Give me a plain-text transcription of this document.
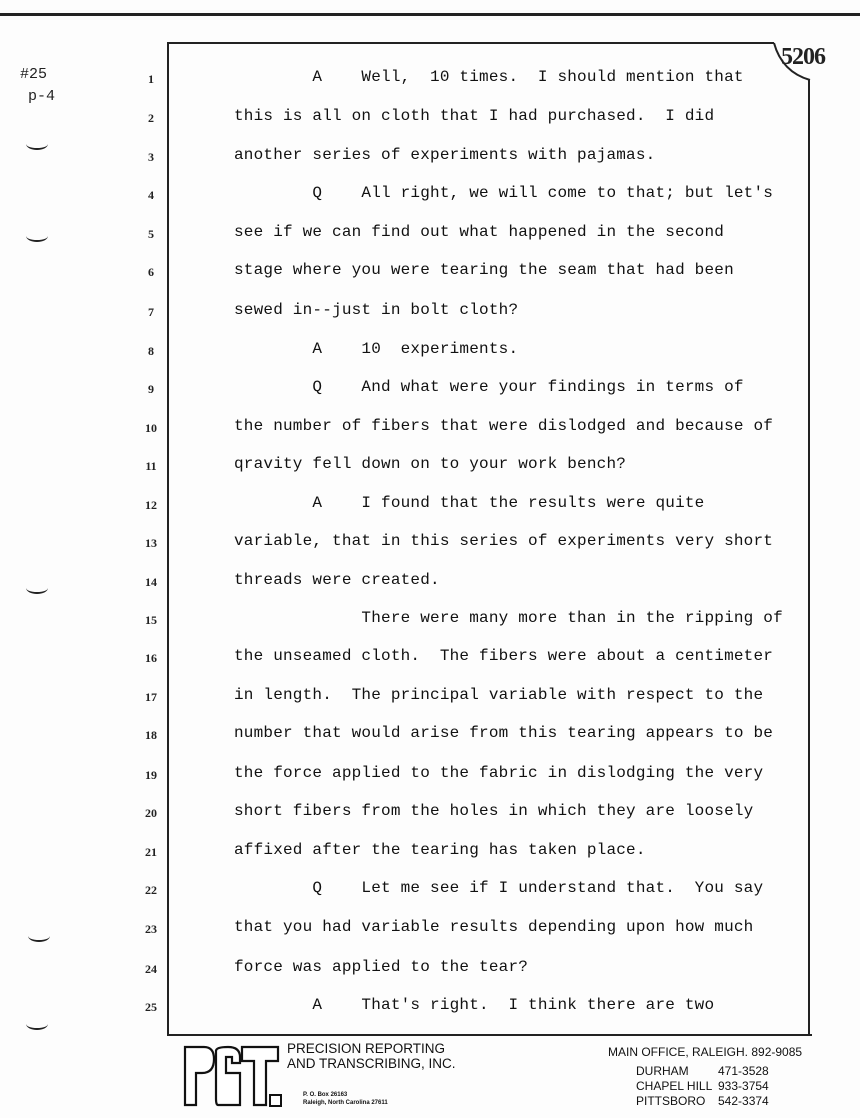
#25
p-4
5206
1	A    Well,  10 times.  I should mention that
2	this is all on cloth that I had purchased.  I did
3	another series of experiments with pajamas.
4	Q    All right, we will come to that; but let's
5	see if we can find out what happened in the second
6	stage where you were tearing the seam that had been
7	sewed in--just in bolt cloth?
8	A    10  experiments.
9	Q    And what were your findings in terms of
10	the number of fibers that were dislodged and because of
11	qravity fell down on to your work bench?
12	A    I found that the results were quite
13	variable, that in this series of experiments very short
14	threads were created.
15	There were many more than in the ripping of
16	the unseamed cloth.  The fibers were about a centimeter
17	in length.  The principal variable with respect to the
18	number that would arise from this tearing appears to be
19	the force applied to the fabric in dislodging the very
20	short fibers from the holes in which they are loosely
21	affixed after the tearing has taken place.
22	Q    Let me see if I understand that.  You say
23	that you had variable results depending upon how much
24	force was applied to the tear?
25	A    That's right.  I think there are two
PRECISION REPORTING
AND TRANSCRIBING, INC.
P. O. Box 26163
Raleigh, North Carolina 27611
MAIN OFFICE, RALEIGH. 892-9085
DURHAM 471-3528
CHAPEL HILL 933-3754
PITTSBORO 542-3374
